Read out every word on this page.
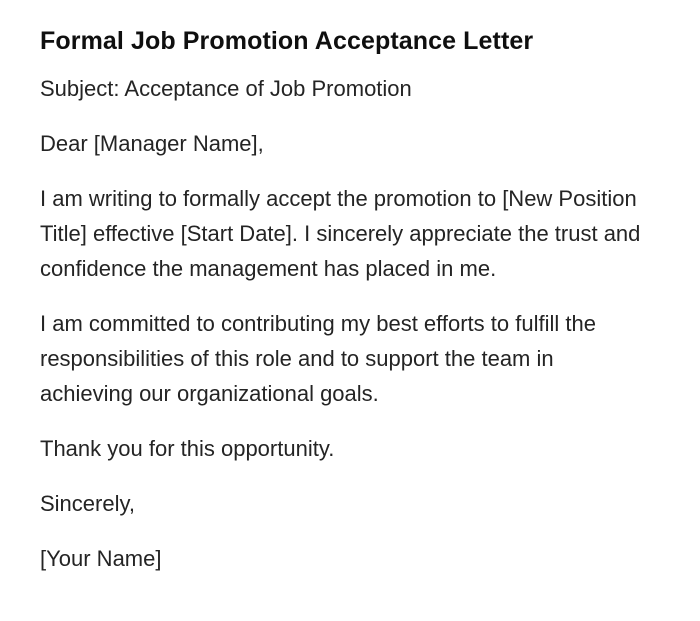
Formal Job Promotion Acceptance Letter

Subject: Acceptance of Job Promotion

Dear [Manager Name],

I am writing to formally accept the promotion to [New Position
Title] effective [Start Date]. I sincerely appreciate the trust and
confidence the management has placed in me.

I am committed to contributing my best efforts to fulfill the
responsibilities of this role and to support the team in
achieving our organizational goals.

Thank you for this opportunity.

Sincerely,

[Your Name]
